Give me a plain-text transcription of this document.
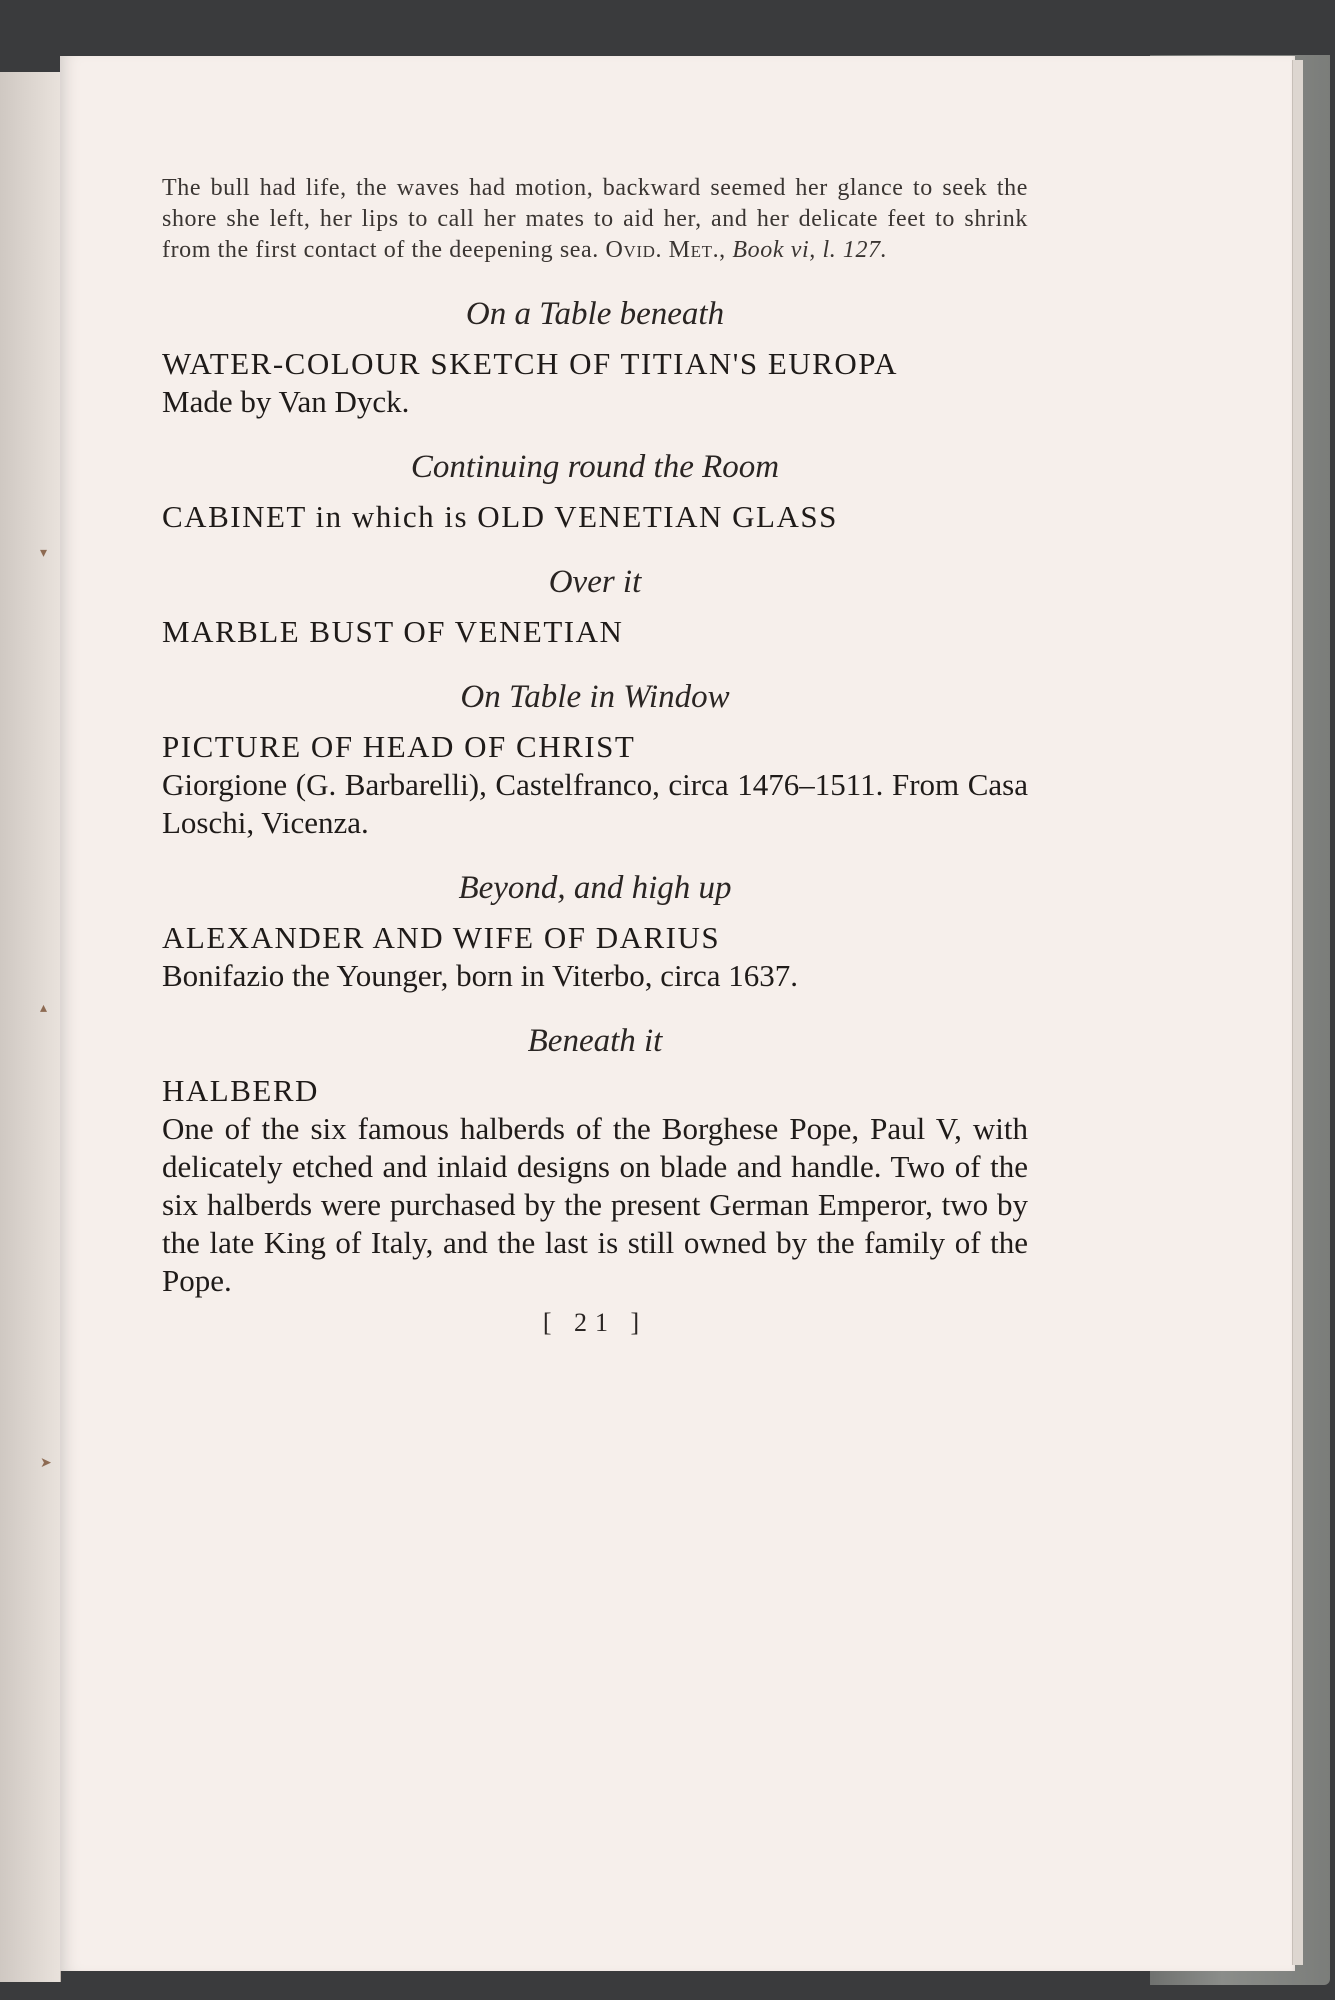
▾
▴
➤

The bull had life, the waves had motion, backward seemed her glance to seek the shore she left, her lips to call her mates to aid her, and her delicate feet to shrink from the first contact of the deepening sea. Ovid. Met., Book vi, l. 127.

On a Table beneath

WATER-COLOUR SKETCH OF TITIAN'S EUROPA

Made by Van Dyck.

Continuing round the Room

CABINET in which is OLD VENETIAN GLASS

Over it

MARBLE BUST OF VENETIAN

On Table in Window

PICTURE OF HEAD OF CHRIST

Giorgione (G. Barbarelli), Castelfranco, circa 1476–1511. From Casa Loschi, Vicenza.

Beyond, and high up

ALEXANDER AND WIFE OF DARIUS

Bonifazio the Younger, born in Viterbo, circa 1637.

Beneath it

HALBERD

One of the six famous halberds of the Borghese Pope, Paul V, with delicately etched and inlaid designs on blade and handle. Two of the six halberds were purchased by the present German Emperor, two by the late King of Italy, and the last is still owned by the family of the Pope.

[ 21 ]
